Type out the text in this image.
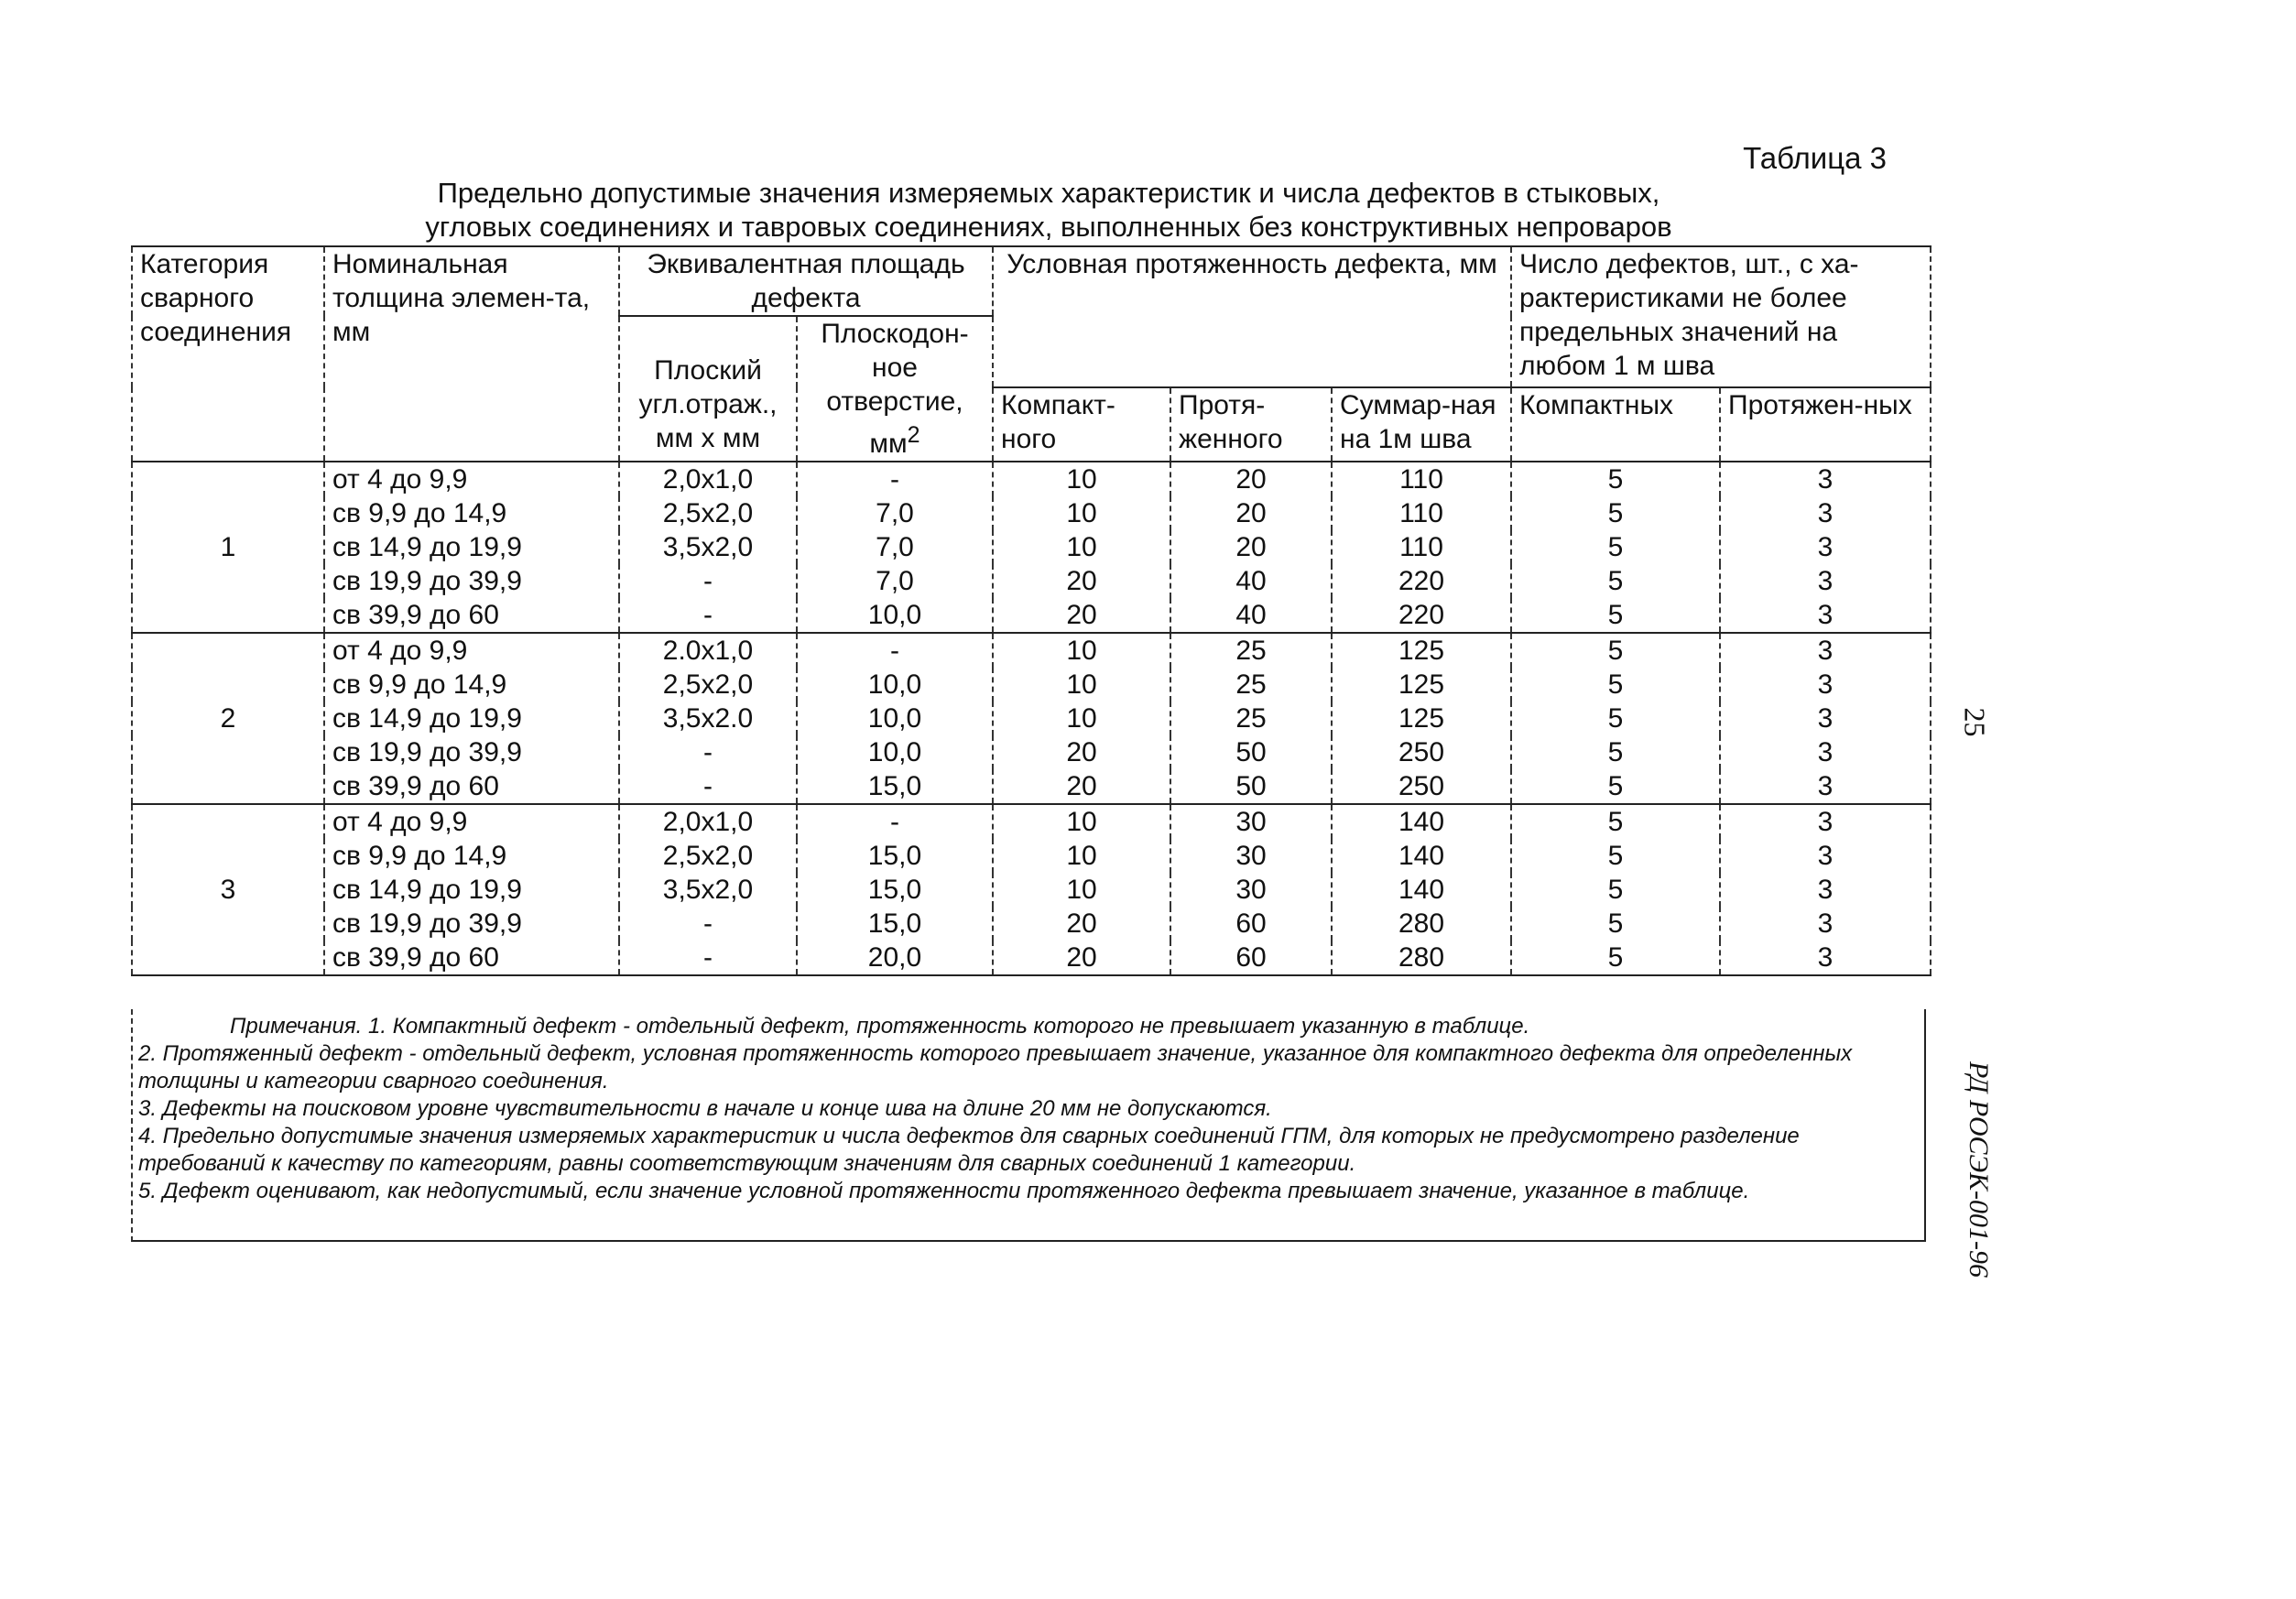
Таблица 3
Предельно допустимые значения измеряемых характеристик и числа дефектов в стыковых,
угловых соединениях и тавровых соединениях, выполненных без конструктивных непроваров
Категория сварного соединения	Номинальная толщина элемен-та, мм	Эквивалентная площадь дефекта		Условная протяженность дефекта, мм			Число дефектов, шт., с ха-рактеристиками не более предельных значений на любом 1 м шва	
		Плоский угл.отраж., мм х мм	Плоскодон-ное отверстие, $мм^2$
				Компакт-ного	Протя-женного	Суммар-ная на 1м шва	Компактных	Протяжен-ных
1	от 4 до 9,9	2,0х1,0	-	10	20	110	5	3
	св 9,9 до 14,9	2,5х2,0	7,0	10	20	110	5	3
	св 14,9 до 19,9	3,5х2,0	7,0	10	20	110	5	3
	св 19,9 до 39,9	-	7,0	20	40	220	5	3
	св 39,9 до 60	-	10,0	20	40	220	5	3
2	от 4 до 9,9	2.0х1,0	-	10	25	125	5	3
	св 9,9 до 14,9	2,5х2,0	10,0	10	25	125	5	3
	св 14,9 до 19,9	3,5х2.0	10,0	10	25	125	5	3
	св 19,9 до 39,9	-	10,0	20	50	250	5	3
	св 39,9 до 60	-	15,0	20	50	250	5	3
3	от 4 до 9,9	2,0х1,0	-	10	30	140	5	3
	св 9,9 до 14,9	2,5х2,0	15,0	10	30	140	5	3
	св 14,9 до 19,9	3,5х2,0	15,0	10	30	140	5	3
	св 19,9 до 39,9	-	15,0	20	60	280	5	3
	св 39,9 до 60	-	20,0	20	60	280	5	3

Примечания. 1. Компактный дефект - отдельный дефект, протяженность которого не превышает указанную в таблице.

2. Протяженный дефект - отдельный дефект, условная протяженность которого превышает значение, указанное для компактного дефекта для определенных толщины и категории сварного соединения.

3. Дефекты на поисковом уровне чувствительности в начале и конце шва на длине 20 мм не допускаются.

4. Предельно допустимые значения измеряемых характеристик и числа дефектов для сварных соединений ГПМ, для которых не предусмотрено разделение требований к качеству по категориям, равны соответствующим значениям для сварных соединений 1 категории.

5. Дефект оценивают, как недопустимый, если значение условной протяженности протяженного дефекта превышает значение, указанное в таблице.

25
РД РОСЭК-001-96
